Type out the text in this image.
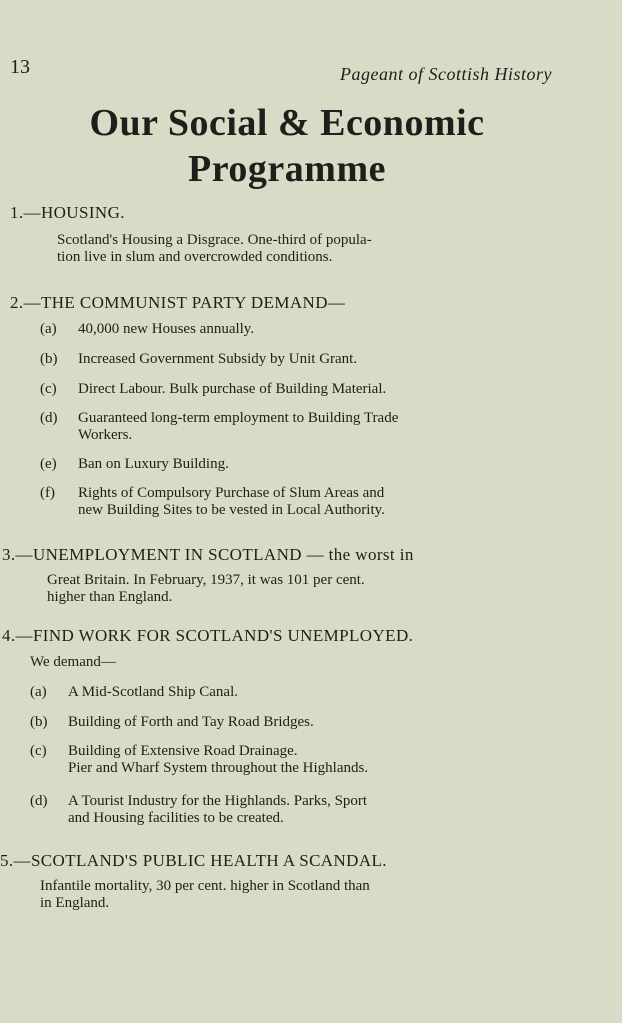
13	Pageant of Scottish History
Our Social & Economic
Programme
1.—HOUSING.
Scotland's Housing a Disgrace. One-third of popula-
tion live in slum and overcrowded conditions.
2.—THE COMMUNIST PARTY DEMAND—
(a) 40,000 new Houses annually.
(b) Increased Government Subsidy by Unit Grant.
(c) Direct Labour. Bulk purchase of Building Material.
(d) Guaranteed long-term employment to Building Trade
Workers.
(e) Ban on Luxury Building.
(f) Rights of Compulsory Purchase of Slum Areas and
new Building Sites to be vested in Local Authority.
3.—UNEMPLOYMENT IN SCOTLAND — the worst in
Great Britain. In February, 1937, it was 101 per cent.
higher than England.
4.—FIND WORK FOR SCOTLAND'S UNEMPLOYED.
We demand—
(a) A Mid-Scotland Ship Canal.
(b) Building of Forth and Tay Road Bridges.
(c) Building of Extensive Road Drainage.
Pier and Wharf System throughout the Highlands.
(d) A Tourist Industry for the Highlands. Parks, Sport
and Housing facilities to be created.
5.—SCOTLAND'S PUBLIC HEALTH A SCANDAL.
Infantile mortality, 30 per cent. higher in Scotland than
in England.
